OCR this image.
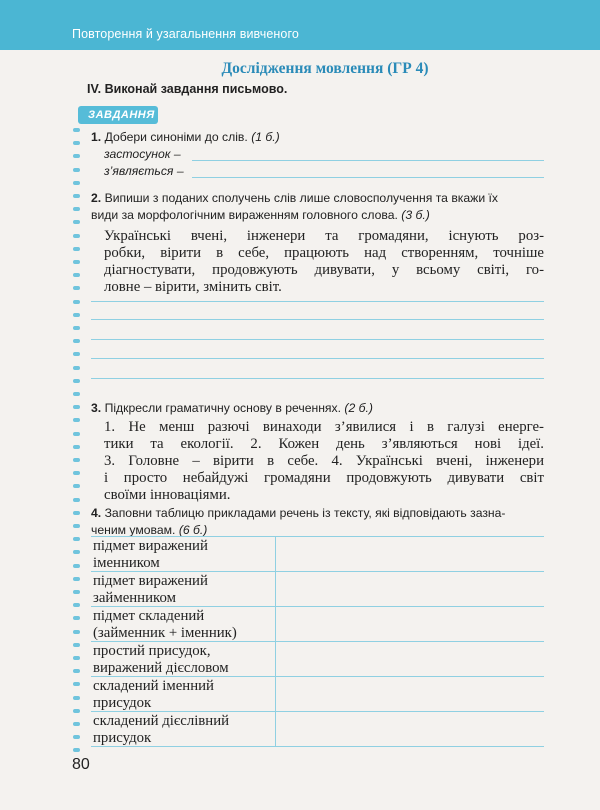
Повторення й узагальнення вивченого
Дослідження мовлення (ГР 4)
IV. Виконай завдання письмово.
ЗАВДАННЯ
1. Добери синоніми до слів. (1 б.)
застосунок –
з’являється –
2. Випиши з поданих сполучень слів лише словосполучення та вкажи їх
види за морфологічним вираженням головного слова. (3 б.)
Українські вчені, інженери та громадяни, існують роз-
робки, вірити в себе, працюють над створенням, точніше
діагностувати, продовжують дивувати, у всьому світі, го-
ловне – вірити, змінить світ.
3. Підкресли граматичну основу в реченнях. (2 б.)
1. Не менш разючі винаходи з’явилися і в галузі енерге-
тики та екології. 2. Кожен день з’являються нові ідеї.
3. Головне – вірити в себе. 4. Українські вчені, інженери
і просто небайдужі громадяни продовжують дивувати світ
своїми інноваціями.
4. Заповни таблицю прикладами речень із тексту, які відповідають зазна-
ченим умовам. (6 б.)
підмет виражений
іменником	

підмет виражений
займенником	

підмет складений
(займенник + іменник)	

простий присудок,
виражений дієсловом	

складений іменний
присудок	

складений дієслівний
присудок	

80
